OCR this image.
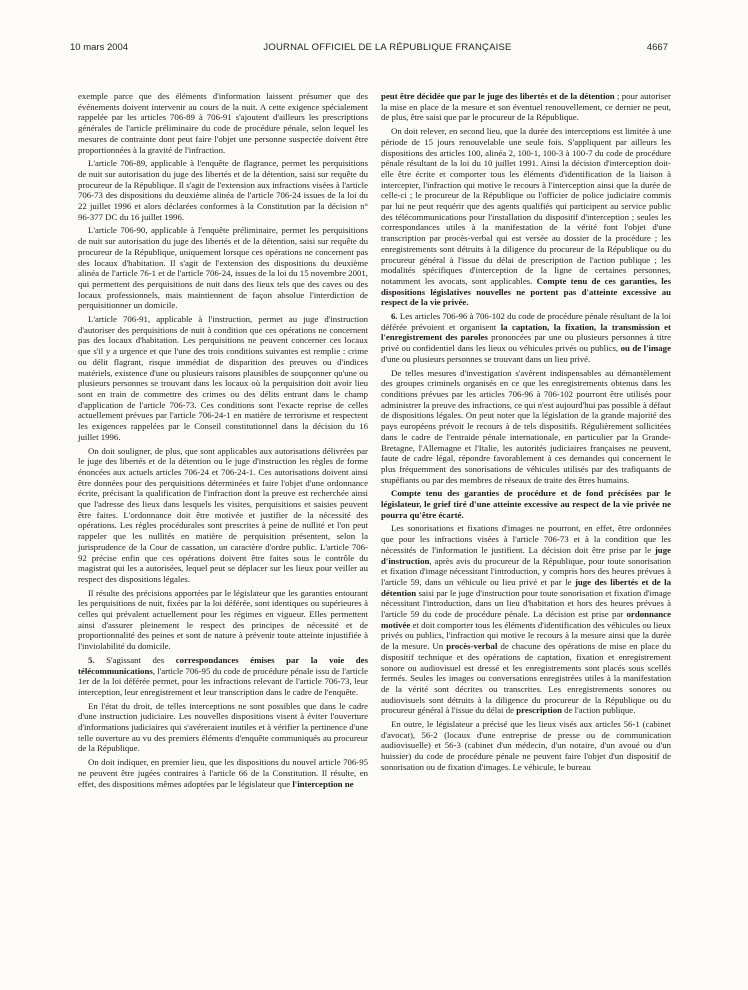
10 mars 2004	JOURNAL OFFICIEL DE LA RÉPUBLIQUE FRANÇAISE	4667

exemple parce que des éléments d'information laissent présumer que des événements doivent intervenir au cours de la nuit. A cette exigence spécialement rappelée par les articles 706-89 à 706-91 s'ajoutent d'ailleurs les prescriptions générales de l'article préliminaire du code de procédure pénale, selon lequel les mesures de contrainte dont peut faire l'objet une personne suspectée doivent être proportionnées à la gravité de l'infraction.

L'article 706-89, applicable à l'enquête de flagrance, permet les perquisitions de nuit sur autorisation du juge des libertés et de la détention, saisi sur requête du procureur de la République. Il s'agit de l'extension aux infractions visées à l'article 706-73 des dispositions du deuxième alinéa de l'article 706-24 issues de la loi du 22 juillet 1996 et alors déclarées conformes à la Constitution par la décision n° 96-377 DC du 16 juillet 1996.

L'article 706-90, applicable à l'enquête préliminaire, permet les perquisitions de nuit sur autorisation du juge des libertés et de la détention, saisi sur requête du procureur de la République, uniquement lorsque ces opérations ne concernent pas des locaux d'habitation. Il s'agit de l'extension des dispositions du deuxième alinéa de l'article 76-1 et de l'article 706-24, issues de la loi du 15 novembre 2001, qui permettent des perquisitions de nuit dans des lieux tels que des caves ou des locaux professionnels, mais maintiennent de façon absolue l'interdiction de perquisitionner un domicile.

L'article 706-91, applicable à l'instruction, permet au juge d'instruction d'autoriser des perquisitions de nuit à condition que ces opérations ne concernent pas des locaux d'habitation. Les perquisitions ne peuvent concerner ces locaux que s'il y a urgence et que l'une des trois conditions suivantes est remplie : crime ou délit flagrant, risque immédiat de disparition des preuves ou d'indices matériels, existence d'une ou plusieurs raisons plausibles de soupçonner qu'une ou plusieurs personnes se trouvant dans les locaux où la perquisition doit avoir lieu sont en train de commettre des crimes ou des délits entrant dans le champ d'application de l'article 706-73. Ces conditions sont l'exacte reprise de celles actuellement prévues par l'article 706-24-1 en matière de terrorisme et respectent les exigences rappelées par le Conseil constitutionnel dans la décision du 16 juillet 1996.

On doit souligner, de plus, que sont applicables aux autorisations délivrées par le juge des libertés et de la détention ou le juge d'instruction les règles de forme énoncées aux actuels articles 706-24 et 706-24-1. Ces autorisations doivent ainsi être données pour des perquisitions déterminées et faire l'objet d'une ordonnance écrite, précisant la qualification de l'infraction dont la preuve est recherchée ainsi que l'adresse des lieux dans lesquels les visites, perquisitions et saisies peuvent être faites. L'ordonnance doit être motivée et justifier de la nécessité des opérations. Les règles procédurales sont prescrites à peine de nullité et l'on peut rappeler que les nullités en matière de perquisition présentent, selon la jurisprudence de la Cour de cassation, un caractère d'ordre public. L'article 706-92 précise enfin que ces opérations doivent être faites sous le contrôle du magistrat qui les a autorisées, lequel peut se déplacer sur les lieux pour veiller au respect des dispositions légales.

Il résulte des précisions apportées par le législateur que les garanties entourant les perquisitions de nuit, fixées par la loi déférée, sont identiques ou supérieures à celles qui prévalent actuellement pour les régimes en vigueur. Elles permettent ainsi d'assurer pleinement le respect des principes de nécessité et de proportionnalité des peines et sont de nature à prévenir toute atteinte injustifiée à l'inviolabilité du domicile.

5. S'agissant des correspondances émises par la voie des télécommunications, l'article 706-95 du code de procédure pénale issu de l'article 1er de la loi déférée permet, pour les infractions relevant de l'article 706-73, leur interception, leur enregistrement et leur transcription dans le cadre de l'enquête.

En l'état du droit, de telles interceptions ne sont possibles que dans le cadre d'une instruction judiciaire. Les nouvelles dispositions visent à éviter l'ouverture d'informations judiciaires qui s'avéreraient inutiles et à vérifier la pertinence d'une telle ouverture au vu des premiers éléments d'enquête communiqués au procureur de la République.

On doit indiquer, en premier lieu, que les dispositions du nouvel article 706-95 ne peuvent être jugées contraires à l'article 66 de la Constitution. Il résulte, en effet, des dispositions mêmes adoptées par le législateur que l'interception ne

peut être décidée que par le juge des libertés et de la détention ; pour autoriser la mise en place de la mesure et son éventuel renouvellement, ce dernier ne peut, de plus, être saisi que par le procureur de la République.

On doit relever, en second lieu, que la durée des interceptions est limitée à une période de 15 jours renouvelable une seule fois. S'appliquent par ailleurs les dispositions des articles 100, alinéa 2, 100-1, 100-3 à 100-7 du code de procédure pénale résultant de la loi du 10 juillet 1991. Ainsi la décision d'interception doit-elle être écrite et comporter tous les éléments d'identification de la liaison à intercepter, l'infraction qui motive le recours à l'interception ainsi que la durée de celle-ci ; le procureur de la République ou l'officier de police judiciaire commis par lui ne peut requérir que des agents qualifiés qui participent au service public des télécommunications pour l'installation du dispositif d'interception ; seules les correspondances utiles à la manifestation de la vérité font l'objet d'une transcription par procès-verbal qui est versée au dossier de la procédure ; les enregistrements sont détruits à la diligence du procureur de la République ou du procureur général à l'issue du délai de prescription de l'action publique ; les modalités spécifiques d'interception de la ligne de certaines personnes, notamment les avocats, sont applicables. Compte tenu de ces garanties, les dispositions législatives nouvelles ne portent pas d'atteinte excessive au respect de la vie privée.

6. Les articles 706-96 à 706-102 du code de procédure pénale résultant de la loi déférée prévoient et organisent la captation, la fixation, la transmission et l'enregistrement des paroles prononcées par une ou plusieurs personnes à titre privé ou confidentiel dans les lieux ou véhicules privés ou publics, ou de l'image d'une ou plusieurs personnes se trouvant dans un lieu privé.

De telles mesures d'investigation s'avèrent indispensables au démantèlement des groupes criminels organisés en ce que les enregistrements obtenus dans les conditions prévues par les articles 706-96 à 706-102 pourront être utilisés pour administrer la preuve des infractions, ce qui n'est aujourd'hui pas possible à défaut de dispositions légales. On peut noter que la législation de la grande majorité des pays européens prévoit le recours à de tels dispositifs. Régulièrement sollicitées dans le cadre de l'entraide pénale internationale, en particulier par la Grande-Bretagne, l'Allemagne et l'Italie, les autorités judiciaires françaises ne peuvent, faute de cadre légal, répondre favorablement à ces demandes qui concernent le plus fréquemment des sonorisations de véhicules utilisés par des trafiquants de stupéfiants ou par des membres de réseaux de traite des êtres humains.

Compte tenu des garanties de procédure et de fond précisées par le législateur, le grief tiré d'une atteinte excessive au respect de la vie privée ne pourra qu'être écarté.

Les sonorisations et fixations d'images ne pourront, en effet, être ordonnées que pour les infractions visées à l'article 706-73 et à la condition que les nécessités de l'information le justifient. La décision doit être prise par le juge d'instruction, après avis du procureur de la République, pour toute sonorisation et fixation d'image nécessitant l'introduction, y compris hors des heures prévues à l'article 59, dans un véhicule ou lieu privé et par le juge des libertés et de la détention saisi par le juge d'instruction pour toute sonorisation et fixation d'image nécessitant l'introduction, dans un lieu d'habitation et hors des heures prévues à l'article 59 du code de procédure pénale. La décision est prise par ordonnance motivée et doit comporter tous les éléments d'identification des véhicules ou lieux privés ou publics, l'infraction qui motive le recours à la mesure ainsi que la durée de la mesure. Un procès-verbal de chacune des opérations de mise en place du dispositif technique et des opérations de captation, fixation et enregistrement sonore ou audiovisuel est dressé et les enregistrements sont placés sous scellés fermés. Seules les images ou conversations enregistrées utiles à la manifestation de la vérité sont décrites ou transcrites. Les enregistrements sonores ou audiovisuels sont détruits à la diligence du procureur de la République ou du procureur général à l'issue du délai de prescription de l'action publique.

En outre, le législateur a précisé que les lieux visés aux articles 56-1 (cabinet d'avocat), 56-2 (locaux d'une entreprise de presse ou de communication audiovisuelle) et 56-3 (cabinet d'un médecin, d'un notaire, d'un avoué ou d'un huissier) du code de procédure pénale ne peuvent faire l'objet d'un dispositif de sonorisation ou de fixation d'images. Le véhicule, le bureau
